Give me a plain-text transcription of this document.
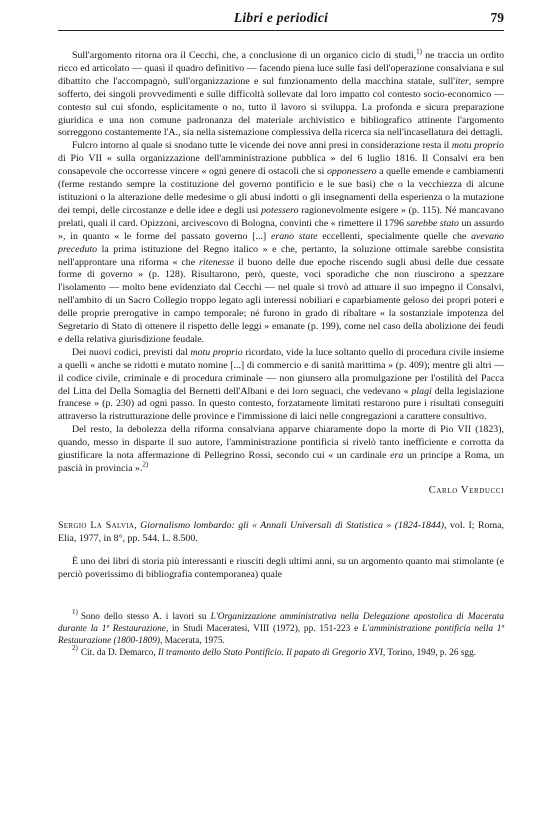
Libri e periodici	79

Sull'argomento ritorna ora il Cecchi, che, a conclusione di un organico ciclo di studi,$^{1)}$ ne traccia un ordito ricco ed articolato — quasi il quadro definitivo — facendo piena luce sulle fasi dell'operazione consalviana e sul dibattito che l'accompagnò, sull'organizzazione e sul funzionamento della macchina statale, sull'iter, sempre sofferto, dei singoli provvedimenti e sulle difficoltà sollevate dal loro impatto col contesto socio-economico — contesto sul cui sfondo, esplicitamente o no, tutto il lavoro si sviluppa. La profonda e sicura preparazione giuridica e una non comune padronanza del materiale archivistico e bibliografico attinente l'argomento sorreggono costantemente l'A., sia nella sistemazione complessiva della ricerca sia nell'incasellatura dei dettagli.

Fulcro intorno al quale si snodano tutte le vicende dei nove anni presi in considerazione resta il motu proprio di Pio VII « sulla organizzazione dell'amministrazione pubblica » del 6 luglio 1816. Il Consalvi era ben consapevole che occorresse vincere « ogni genere di ostacoli che si opponessero a quelle emende e cambiamenti (ferme restando sempre la costituzione del governo pontificio e le sue basi) che o la vecchiezza di alcune istituzioni o la alterazione delle medesime o gli abusi indotti o gli insegnamenti della esperienza o la mutazione dei tempi, delle circostanze e delle idee e degli usi potessero ragionevolmente esigere » (p. 115). Né mancavano prelati, quali il card. Opizzoni, arcivescovo di Bologna, convinti che « rimettere il 1796 sarebbe stato un assurdo », in quanto « le forme del passato governo [...] erano state eccellenti, specialmente quelle che avevano preceduto la prima istituzione del Regno italico » e che, pertanto, la soluzione ottimale sarebbe consistita nell'approntare una riforma « che ritenesse il buono delle due epoche riscendo sugli abusi delle due cessate forme di governo » (p. 128). Risultarono, però, queste, voci sporadiche che non riuscirono a spezzare l'isolamento — molto bene evidenziato dal Cecchi — nel quale si trovò ad attuare il suo impegno il Consalvi, nell'ambito di un Sacro Collegio troppo legato agli interessi nobiliari e caparbiamente geloso dei propri poteri e delle proprie prerogative in campo temporale; né furono in grado di ribaltare « la sostanziale impotenza del Segretario di Stato di ottenere il rispetto delle leggi » emanate (p. 199), come nel caso della abolizione dei feudi e della relativa giurisdizione feudale.

Dei nuovi codici, previsti dal motu proprio ricordato, vide la luce soltanto quello di procedura civile insieme a quelli « anche se ridotti e mutato nomine [...] di commercio e di sanità marittima » (p. 409); mentre gli altri — il codice civile, criminale e di procedura criminale — non giunsero alla promulgazione per l'ostilità del Pacca del Litta del Della Somaglia del Bernetti dell'Albani e dei loro seguaci, che vedevano « plagi della legislazione francese » (p. 230) ad ogni passo. In questo contesto, forzatamente limitati restarono pure i risultati conseguiti attraverso la ristrutturazione delle province e l'immissione di laici nelle congregazioni a carattere consultivo.

Del resto, la debolezza della riforma consalviana apparve chiaramente dopo la morte di Pio VII (1823), quando, messo in disparte il suo autore, l'amministrazione pontificia si rivelò tanto inefficiente e corrotta da giustificare la nota affermazione di Pellegrino Rossi, secondo cui « un cardinale era un principe a Roma, un pascià in provincia ».$^{2)}$

Carlo Verducci

Sergio La Salvia, Giornalismo lombardo: gli « Annali Universali di Statistica » (1824-1844), vol. I; Roma, Elia, 1977, in 8°, pp. 544. L. 8.500.

È uno dei libri di storia più interessanti e riusciti degli ultimi anni, su un argomento quanto mai stimolante (e perciò poverissimo di bibliografia contemporanea) quale

$^{1)}$ Sono dello stesso A. i lavori su L'Organizzazione amministrativa nella Delegazione apostolica di Macerata durante la 1ª Restaurazione, in Studi Maceratesi, VIII (1972), pp. 151-223 e L'amministrazione pontificia nella 1ª Restaurazione (1800-1809), Macerata, 1975.

$^{2)}$ Cit. da D. Demarco, Il tramonto dello Stato Pontificio. Il papato di Gregorio XVI, Torino, 1949, p. 26 sgg.
